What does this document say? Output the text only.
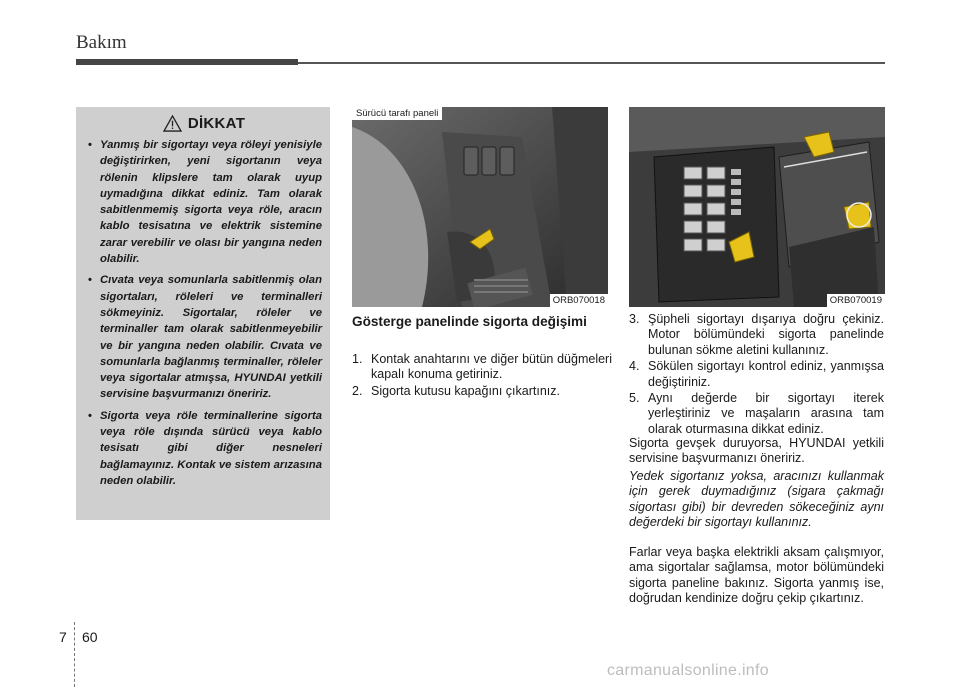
Bakım
DİKKAT
• Yanmış bir sigortayı veya röleyi yenisiyle değiştirirken, yeni sigortanın veya rölenin klipslere tam olarak uyup uymadığına dikkat ediniz. Tam olarak sabitlenmemiş sigorta veya röle, aracın kablo tesisatına ve elektrik sistemine zarar verebilir ve olası bir yangına neden olabilir.
• Cıvata veya somunlarla sabitlenmiş olan sigortaları, röleleri ve terminalleri sökmeyiniz. Sigortalar, röleler ve terminaller tam olarak sabitlenmeyebilir ve bir yangına neden olabilir. Cıvata ve somunlarla bağlanmış terminaller, röleler veya sigortalar atmışsa, HYUNDAI yetkili servisine başvurmanızı öneririz.
• Sigorta veya röle terminallerine sigorta veya röle dışında sürücü veya kablo tesisatı gibi diğer nesneleri bağlamayınız. Kontak ve sistem arızasına neden olabilir.
Sürücü tarafı paneli
ORB070018	ORB070019
Gösterge panelinde sigorta değişimi
1. Kontak anahtarını ve diğer bütün düğmeleri kapalı konuma getiriniz.
2. Sigorta kutusu kapağını çıkartınız.
3. Şüpheli sigortayı dışarıya doğru çekiniz. Motor bölümündeki sigorta panelinde bulunan sökme aletini kullanınız.
4. Sökülen sigortayı kontrol ediniz, yanmışsa değiştiriniz.
5. Aynı değerde bir sigortayı iterek yerleştiriniz ve maşaların arasına tam olarak oturmasına dikkat ediniz.

Sigorta gevşek duruyorsa, HYUNDAI yetkili servisine başvurmanızı öneririz.

Yedek sigortanız yoksa, aracınızı kullanmak için gerek duymadığınız (sigara çakmağı sigortası gibi) bir devreden sökeceğiniz aynı değerdeki bir sigortayı kullanınız.

Farlar veya başka elektrikli aksam çalışmıyor, ama sigortalar sağlamsa, motor bölümündeki sigorta paneline bakınız. Sigorta yanmış ise, doğrudan kendinize doğru çekip çıkartınız.

7 60
carmanualsonline.info
